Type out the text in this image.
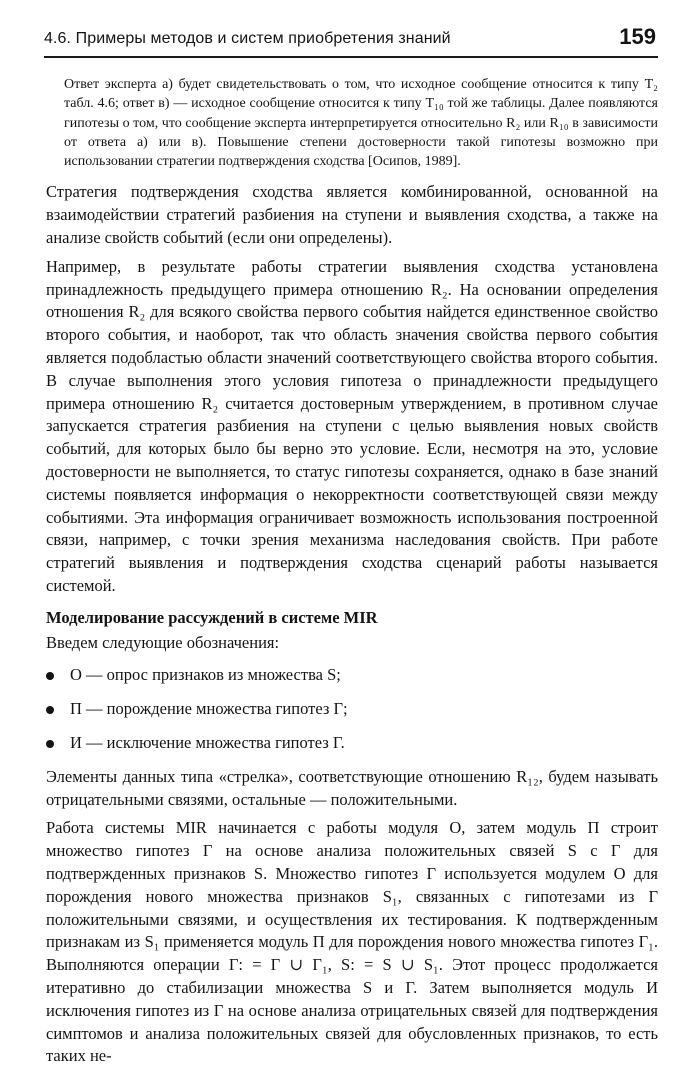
4.6. Примеры методов и систем приобретения знаний	159

Ответ эксперта а) будет свидетельствовать о том, что исходное сообщение относится к типу T₂ табл. 4.6; ответ в) — исходное сообщение относится к типу T₁₀ той же таблицы. Далее появляются гипотезы о том, что сообщение эксперта интерпретируется относительно R₂ или R₁₀ в зависимости от ответа а) или в). Повышение степени достоверности такой гипотезы возможно при использовании стратегии подтверждения сходства [Осипов, 1989].

Стратегия подтверждения сходства является комбинированной, основанной на взаимодействии стратегий разбиения на ступени и выявления сходства, а также на анализе свойств событий (если они определены).

Например, в результате работы стратегии выявления сходства установлена принадлежность предыдущего примера отношению R₂. На основании определения отношения R₂ для всякого свойства первого события найдется единственное свойство второго события, и наоборот, так что область значения свойства первого события является подобластью области значений соответствующего свойства второго события. В случае выполнения этого условия гипотеза о принадлежности предыдущего примера отношению R₂ считается достоверным утверждением, в противном случае запускается стратегия разбиения на ступени с целью выявления новых свойств событий, для которых было бы верно это условие. Если, несмотря на это, условие достоверности не выполняется, то статус гипотезы сохраняется, однако в базе знаний системы появляется информация о некорректности соответствующей связи между событиями. Эта информация ограничивает возможность использования построенной связи, например, с точки зрения механизма наследования свойств. При работе стратегий выявления и подтверждения сходства сценарий работы называется системой.

Моделирование рассуждений в системе MIR

Введем следующие обозначения:

О — опрос признаков из множества S;
П — порождение множества гипотез Г;
И — исключение множества гипотез Г.

Элементы данных типа «стрелка», соответствующие отношению R₁₂, будем называть отрицательными связями, остальные — положительными.

Работа системы MIR начинается с работы модуля О, затем модуль П строит множество гипотез Г на основе анализа положительных связей S с Г для подтвержденных признаков S. Множество гипотез Г используется модулем О для порождения нового множества признаков S₁, связанных с гипотезами из Г положительными связями, и осуществления их тестирования. К подтвержденным признакам из S₁ применяется модуль П для порождения нового множества гипотез Г₁. Выполняются операции Г: = Г ∪ Г₁, S: = S ∪ S₁. Этот процесс продолжается итеративно до стабилизации множества S и Г. Затем выполняется модуль И исключения гипотез из Г на основе анализа отрицательных связей для подтверждения симптомов и анализа положительных связей для обусловленных признаков, то есть таких не-
